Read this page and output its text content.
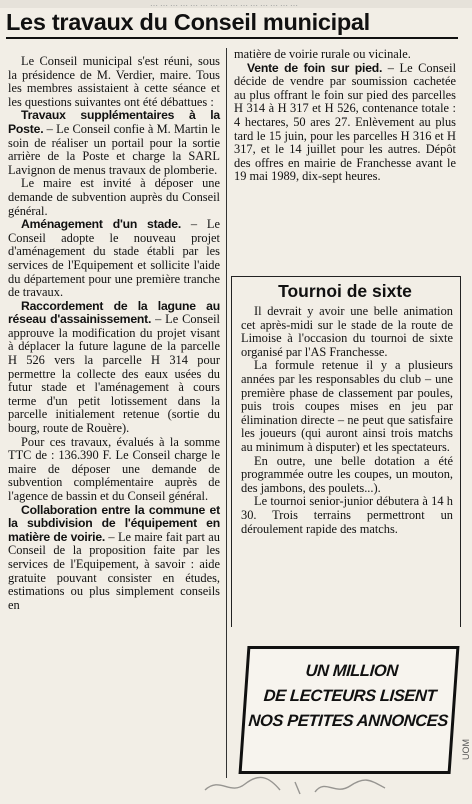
… … … … … … … … … … … … … … …
Les travaux du Conseil municipal

Le Conseil municipal s'est réuni, sous la présidence de M. Verdier, maire. Tous les membres assistaient à cette séance et les questions suivantes ont été débattues :

Travaux supplémentaires à la Poste. – Le Conseil confie à M. Martin le soin de réaliser un portail pour la sortie arrière de la Poste et charge la SARL Lavignon de menus travaux de plomberie.

Le maire est invité à déposer une demande de subvention auprès du Conseil général.

Aménagement d'un stade. – Le Conseil adopte le nouveau projet d'aménagement du stade établi par les services de l'Equipement et sollicite l'aide du département pour une première tranche de travaux.

Raccordement de la lagune au réseau d'assainissement. – Le Conseil approuve la modification du projet visant à déplacer la future lagune de la parcelle H 526 vers la parcelle H 314 pour permettre la collecte des eaux usées du futur stade et l'aménagement à cours terme d'un petit lotissement dans la parcelle initialement retenue (sortie du bourg, route de Rouère).

Pour ces travaux, évalués à la somme TTC de : 136.390 F. Le Conseil charge le maire de déposer une demande de subvention complémentaire auprès de l'agence de bassin et du Conseil général.

Collaboration entre la commune et la subdivision de l'équipement en matière de voirie. – Le maire fait part au Conseil de la proposition faite par les services de l'Equipement, à savoir : aide gratuite pouvant consister en études, estimations ou plus simplement conseils en

matière de voirie rurale ou vicinale.

Vente de foin sur pied. – Le Conseil décide de vendre par soumission cachetée au plus offrant le foin sur pied des parcelles H 314 à H 317 et H 526, contenance totale : 4 hectares, 50 ares 27. Enlèvement au plus tard le 15 juin, pour les parcelles H 316 et H 317, et le 14 juillet pour les autres. Dépôt des offres en mairie de Franchesse avant le 19 mai 1989, dix-sept heures.

Tournoi de sixte

Il devrait y avoir une belle animation cet après-midi sur le stade de la route de Limoise à l'occasion du tournoi de sixte organisé par l'AS Franchesse.

La formule retenue il y a plusieurs années par les responsables du club – une première phase de classement par poules, puis trois coupes mises en jeu par élimination directe – ne peut que satisfaire les joueurs (qui auront ainsi trois matchs au minimum à disputer) et les spectateurs.

En outre, une belle dotation a été programmée outre les coupes, un mouton, des jambons, des poulets...).

Le tournoi senior-junior débutera à 14 h 30. Trois terrains permettront un déroulement rapide des matchs.

UN MILLION
DE LECTEURS LISENT
NOS PETITES ANNONCES
UOM
